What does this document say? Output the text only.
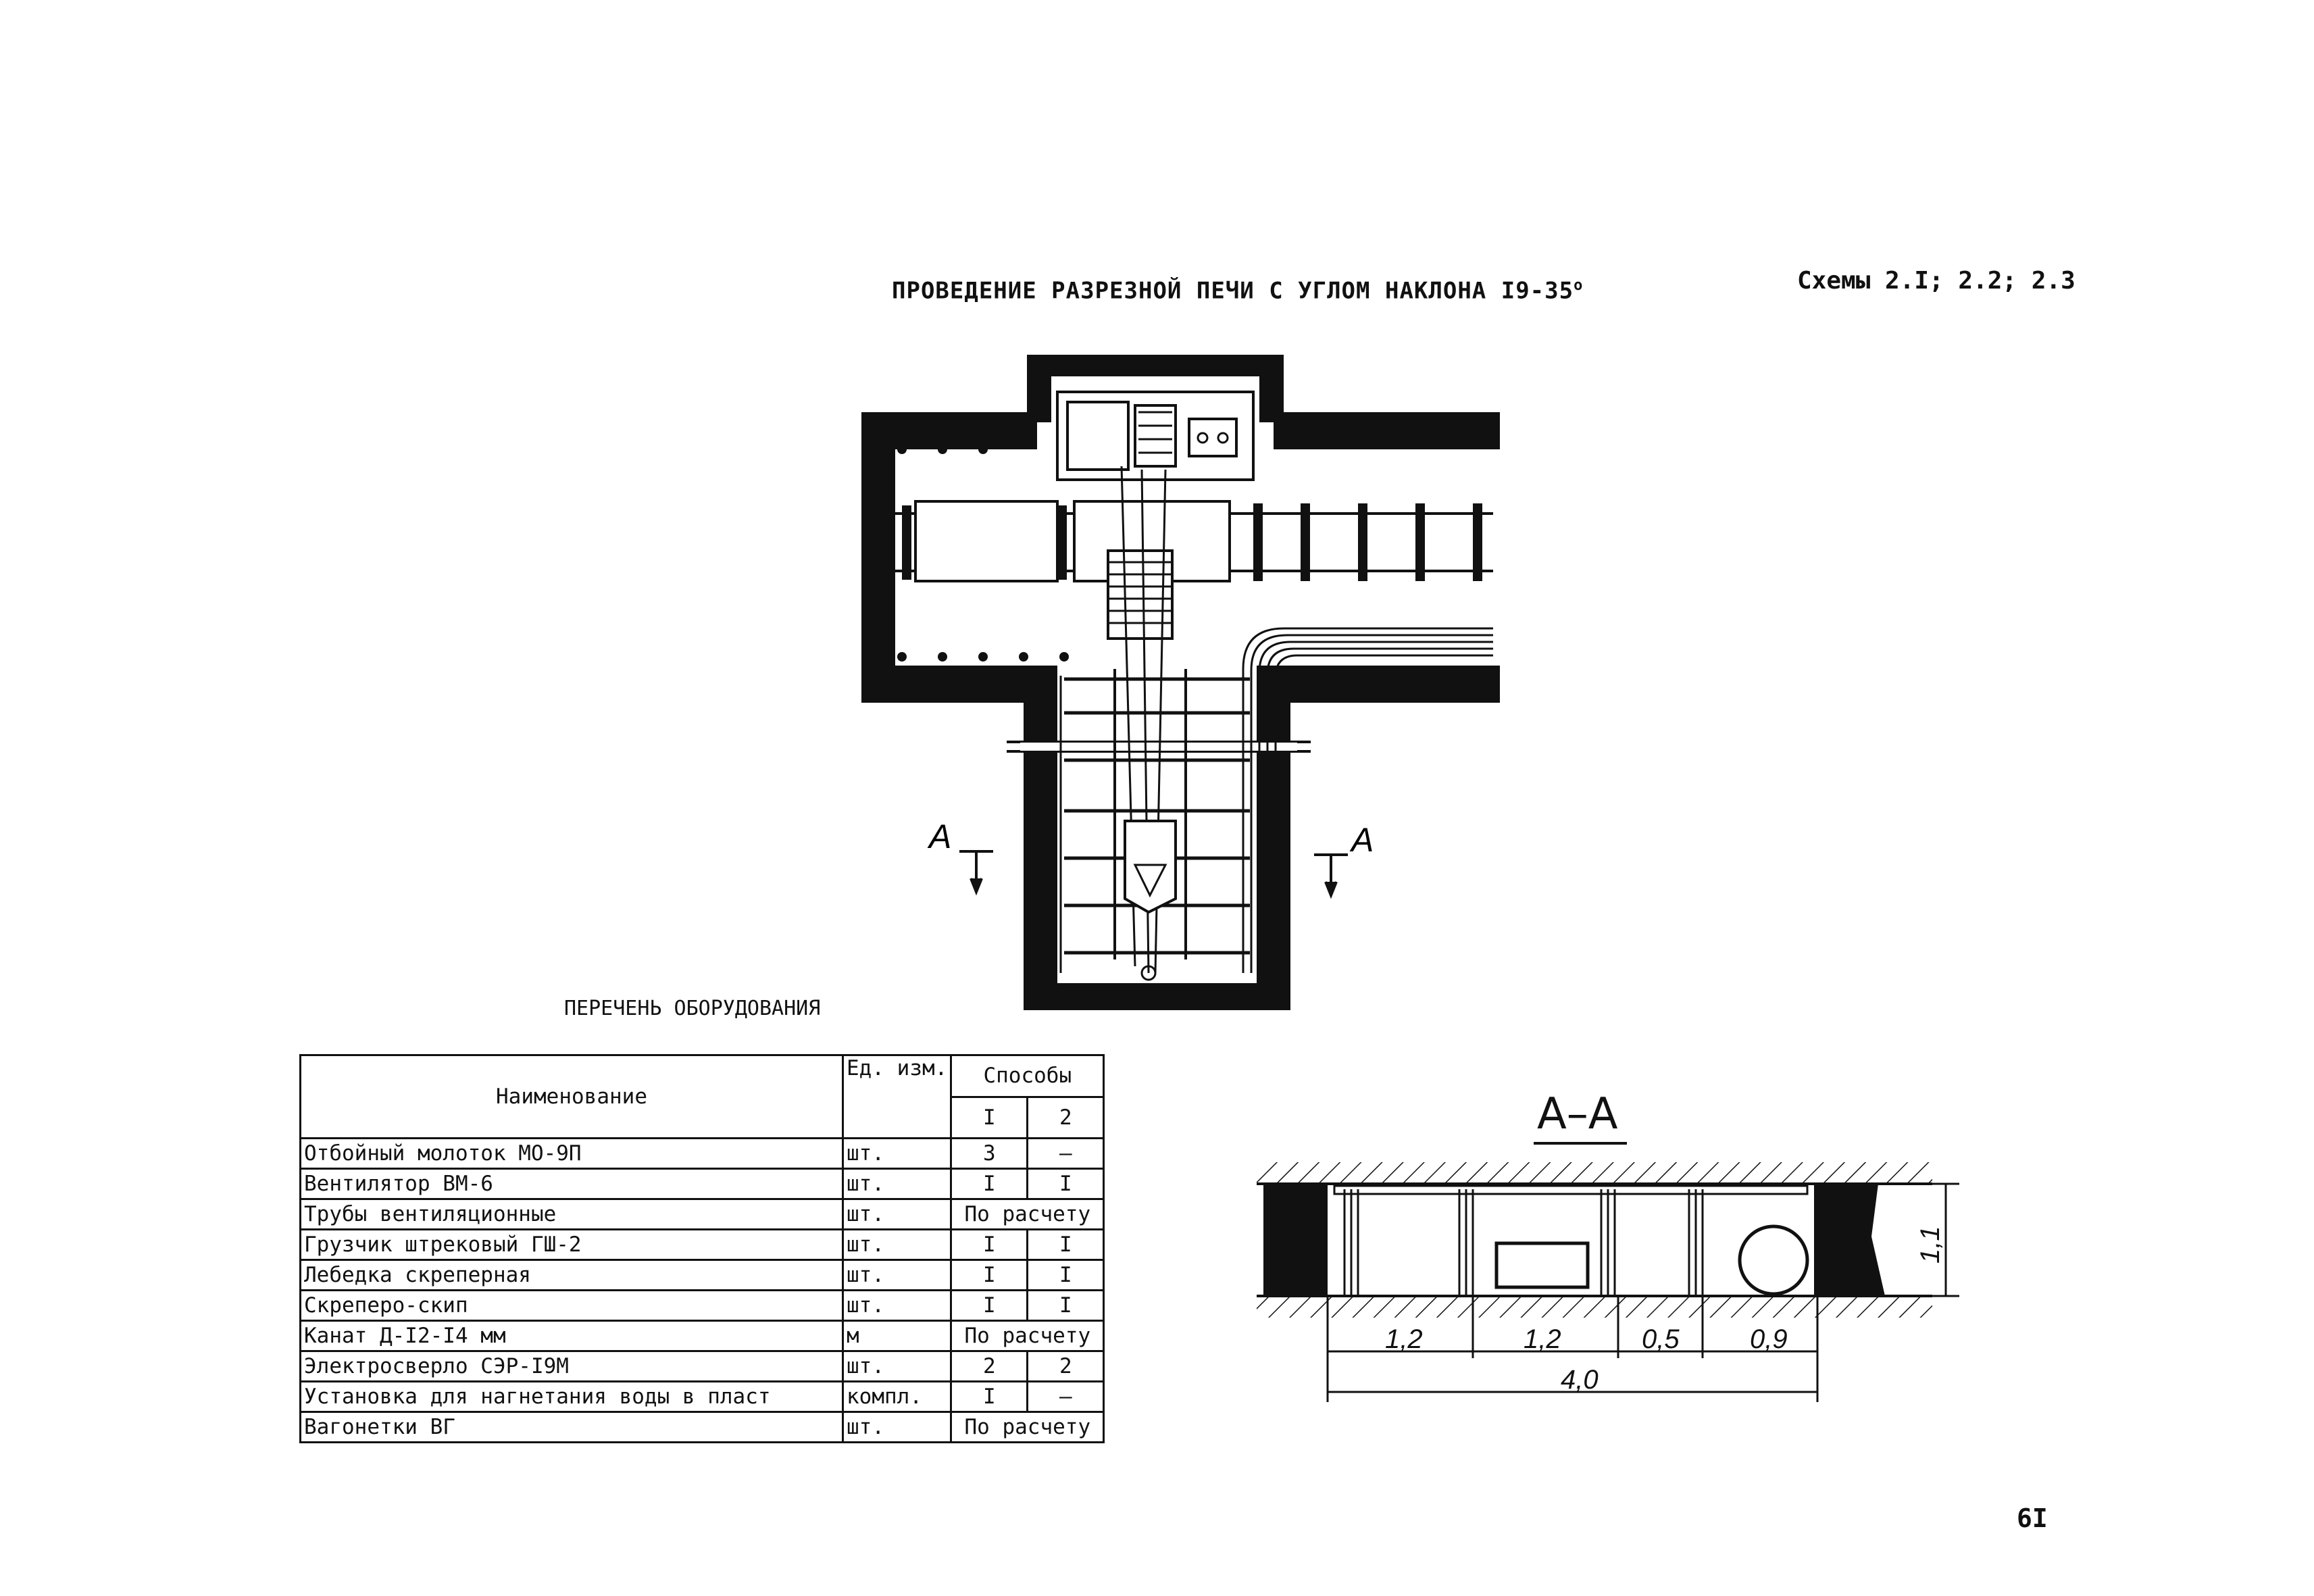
ПРОВЕДЕНИЕ РАЗРЕЗНОЙ ПЕЧИ С УГЛОМ НАКЛОНА $I9-35^о$	Схемы 2.I; 2.2; 2.3
А	А
1,2	1,2	0,5	0,9
4,0
1,1
А–А
ПЕРЕЧЕНЬ ОБОРУДОВАНИЯ
Наименование	Ед. изм.	Способы	
		I	2
Отбойный молоток МО-9П	шт.	3	–
Вентилятор ВМ-6	шт.	I	I
Трубы вентиляционные	шт.	По расчету	
Грузчик штрековый ГШ-2	шт.	I	I
Лебедка скреперная	шт.	I	I
Скреперо-скип	шт.	I	I
Канат Д-I2-I4 мм	м	По расчету	
Электросверло СЭР-I9М	шт.	2	2
Установка для нагнетания воды в пласт	компл.	I	–
Вагонетки ВГ	шт.	По расчету	
6I
